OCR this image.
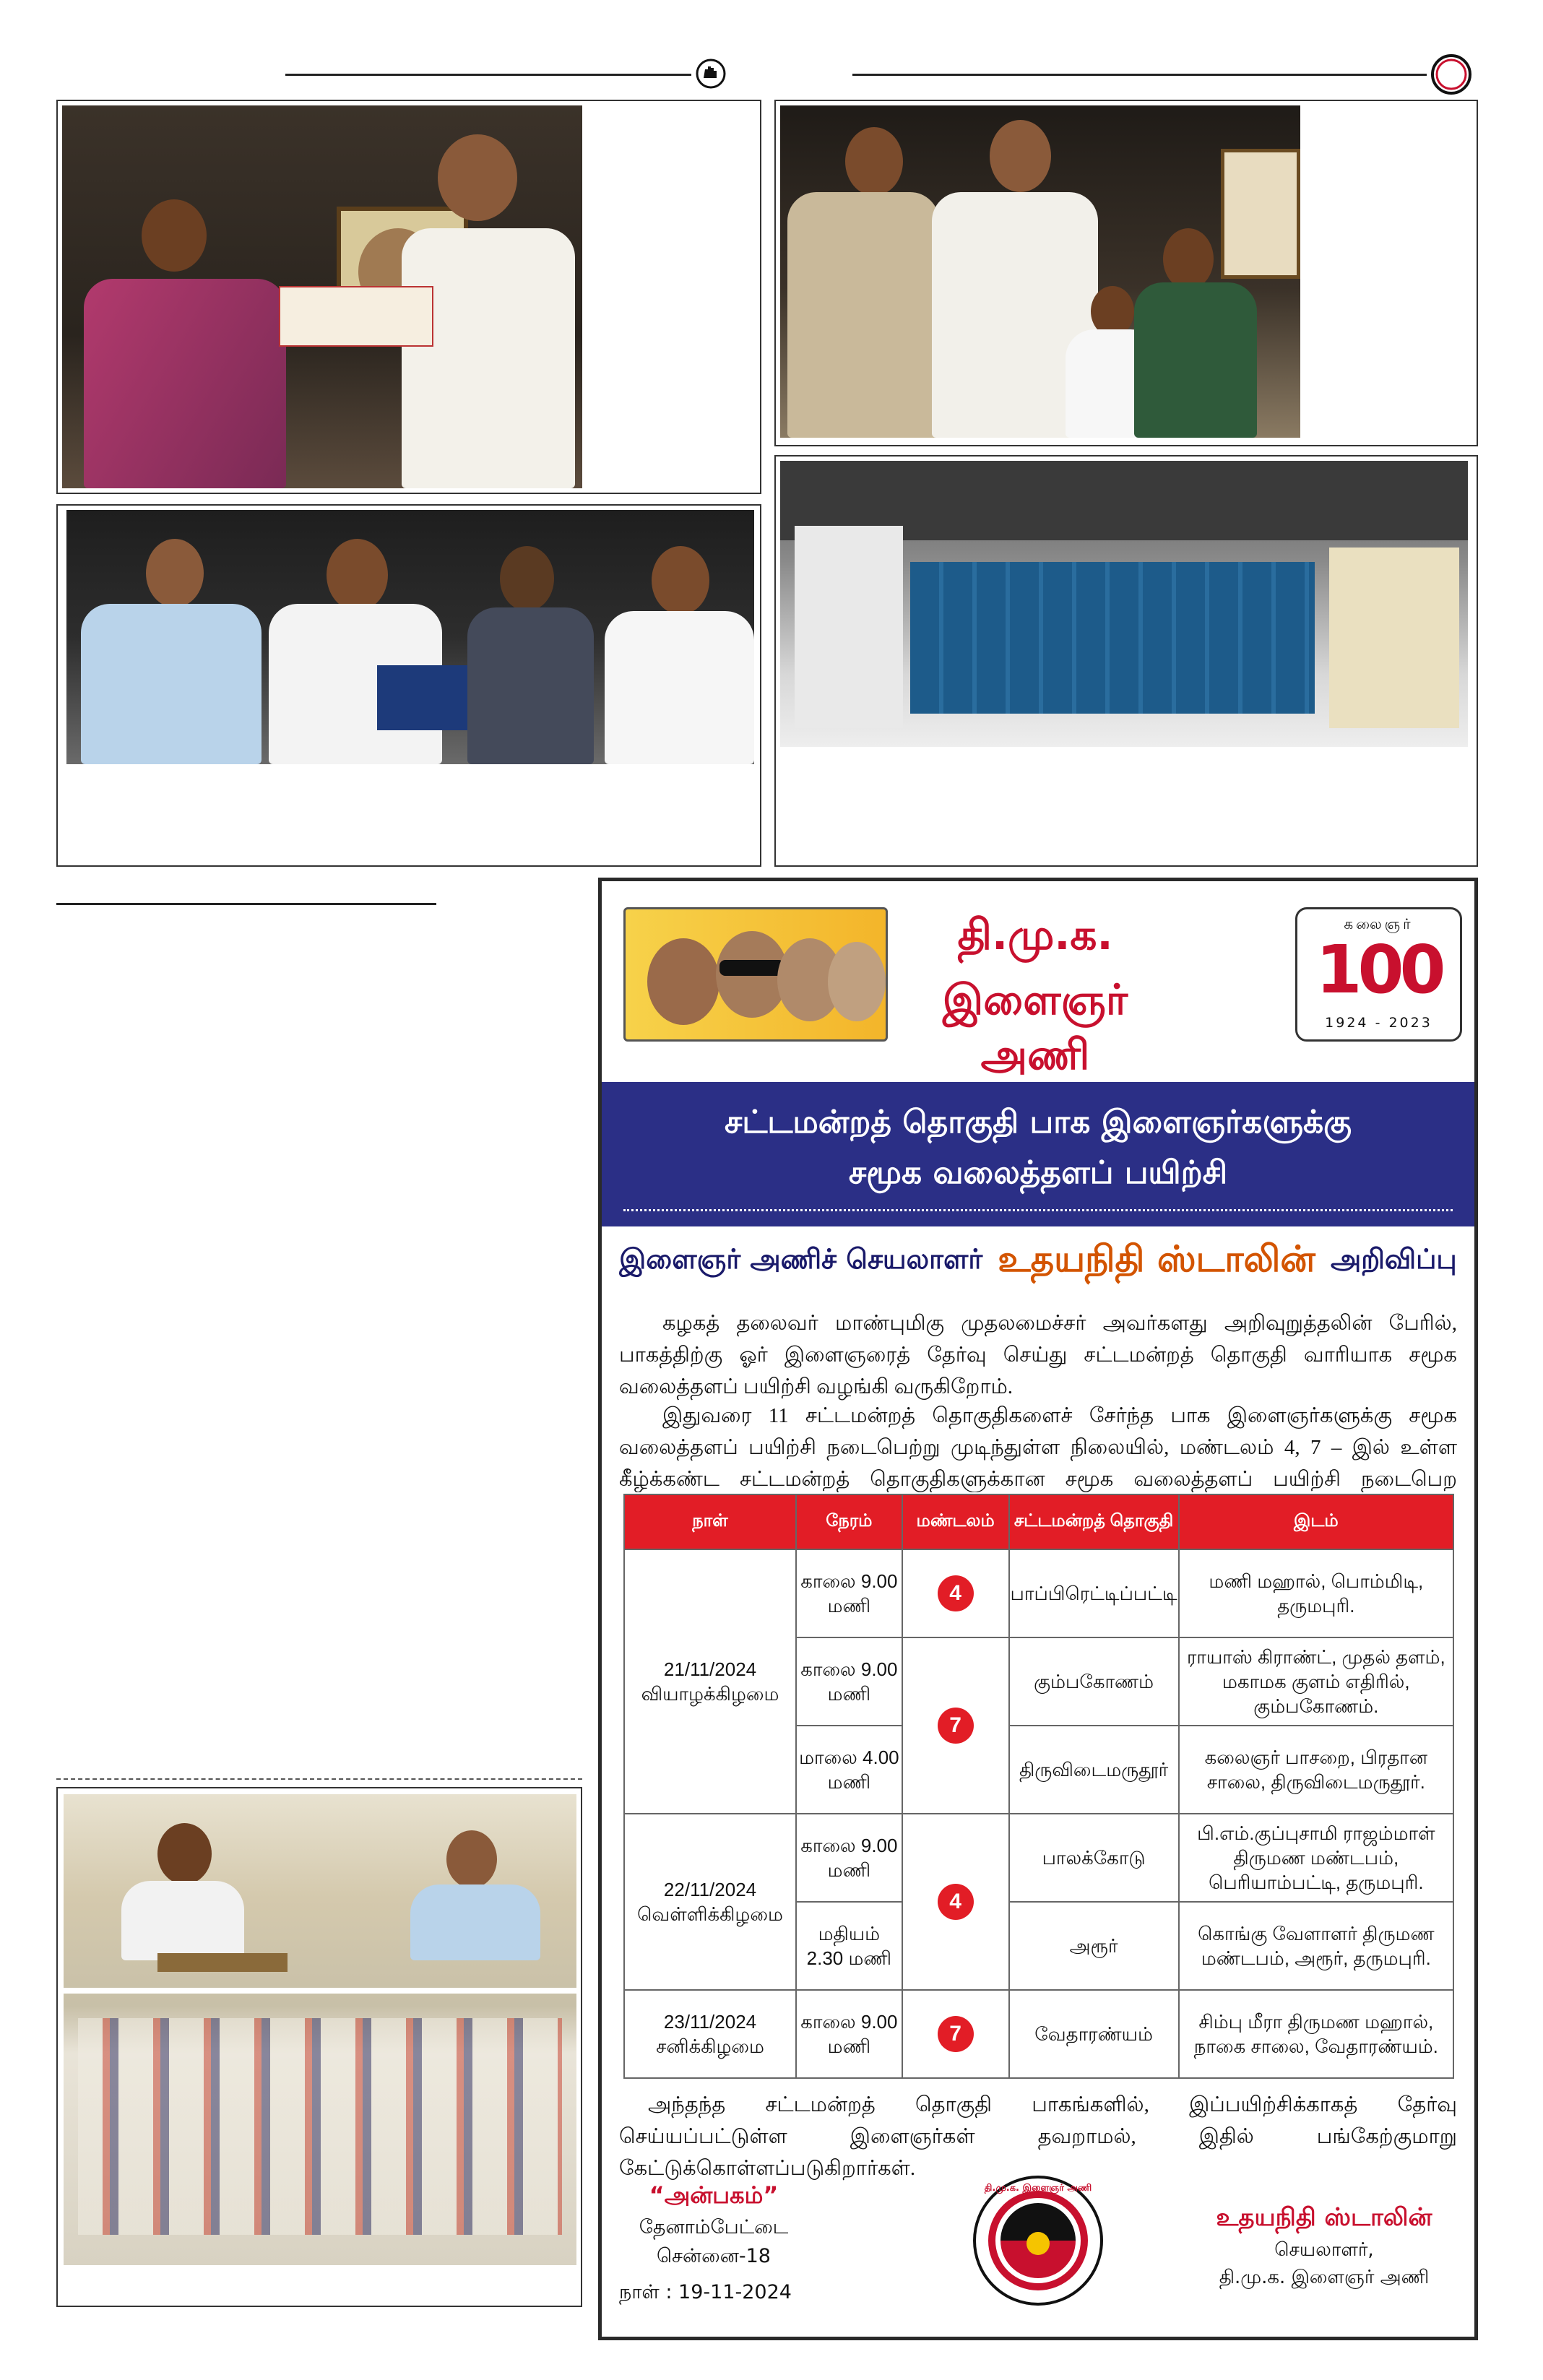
தி.மு.க.
இளைஞர் அணி
கலைஞர்
100
1924 - 2023
சட்டமன்றத் தொகுதி பாக இளைஞர்களுக்கு
சமூக வலைத்தளப் பயிற்சி
இளைஞர் அணிச் செயலாளர் உதயநிதி ஸ்டாலின் அறிவிப்பு
கழகத் தலைவர் மாண்புமிகு முதலமைச்சர் அவர்களது அறிவுறுத்தலின் பேரில், பாகத்திற்கு ஓர் இளைஞரைத் தேர்வு செய்து சட்டமன்றத் தொகுதி வாரியாக சமூக வலைத்தளப் பயிற்சி வழங்கி வருகிறோம்.
இதுவரை 11 சட்டமன்றத் தொகுதிகளைச் சேர்ந்த பாக இளைஞர்களுக்கு சமூக வலைத்தளப் பயிற்சி நடைபெற்று முடிந்துள்ள நிலையில், மண்டலம் 4, 7 – இல் உள்ள கீழ்க்கண்ட சட்டமன்றத் தொகுதிகளுக்கான சமூக வலைத்தளப் பயிற்சி நடைபெற
நாள்	நேரம்	மண்டலம்	சட்டமன்றத் தொகுதி	இடம்
21/11/2024
வியாழக்கிழமை	காலை 9.00 மணி	4	பாப்பிரெட்டிப்பட்டி	மணி மஹால், பொம்மிடி, தருமபுரி.
	காலை 9.00 மணி	7	கும்பகோணம்	ராயாஸ் கிராண்ட், முதல் தளம், மகாமக குளம் எதிரில், கும்பகோணம்.
	மாலை 4.00 மணி		திருவிடைமருதூர்	கலைஞர் பாசறை, பிரதான சாலை, திருவிடைமருதூர்.
22/11/2024
வெள்ளிக்கிழமை	காலை 9.00 மணி	4	பாலக்கோடு	பி.எம்.குப்புசாமி ராஜம்மாள் திருமண மண்டபம், பெரியாம்பட்டி, தருமபுரி.
	மதியம் 2.30 மணி		அரூர்	கொங்கு வேளாளர் திருமண மண்டபம், அரூர், தருமபுரி.
23/11/2024
சனிக்கிழமை	காலை 9.00 மணி	7	வேதாரண்யம்	சிம்பு மீரா திருமண மஹால், நாகை சாலை, வேதாரண்யம்.
அந்தந்த சட்டமன்றத் தொகுதி பாகங்களில், இப்பயிற்சிக்காகத் தேர்வு செய்யப்பட்டுள்ள இளைஞர்கள் தவறாமல், இதில் பங்கேற்குமாறு கேட்டுக்கொள்ளப்படுகிறார்கள்.
“அன்பகம்”
தேனாம்பேட்டை
சென்னை-18
நாள் : 19-11-2024
தி.மு.க. இளைஞர் அணி
உதயநிதி ஸ்டாலின்
செயலாளர்,
தி.மு.க. இளைஞர் அணி
